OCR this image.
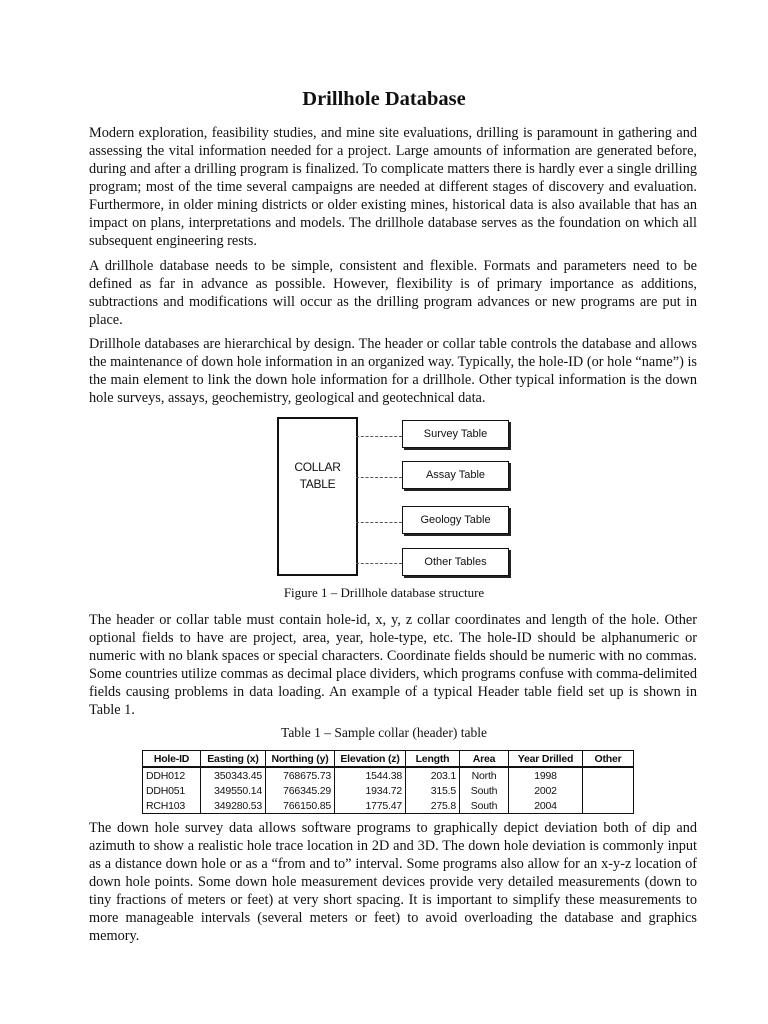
Drillhole Database

Modern exploration, feasibility studies, and mine site evaluations, drilling is paramount in gathering and assessing the vital information needed for a project. Large amounts of information are generated before, during and after a drilling program is finalized. To complicate matters there is hardly ever a single drilling program; most of the time several campaigns are needed at different stages of discovery and evaluation. Furthermore, in older mining districts or older existing mines, historical data is also available that has an impact on plans, interpretations and models. The drillhole database serves as the foundation on which all subsequent engineering rests.

A drillhole database needs to be simple, consistent and flexible. Formats and parameters need to be defined as far in advance as possible. However, flexibility is of primary importance as additions, subtractions and modifications will occur as the drilling program advances or new programs are put in place.

Drillhole databases are hierarchical by design. The header or collar table controls the database and allows the maintenance of down hole information in an organized way. Typically, the hole-ID (or hole “name”) is the main element to link the down hole information for a drillhole. Other typical information is the down hole surveys, assays, geochemistry, geological and geotechnical data.

COLLAR
TABLE
Survey Table
Assay Table
Geology Table
Other Tables

Figure 1 – Drillhole database structure

The header or collar table must contain hole-id, x, y, z collar coordinates and length of the hole. Other optional fields to have are project, area, year, hole-type, etc. The hole-ID should be alphanumeric or numeric with no blank spaces or special characters. Coordinate fields should be numeric with no commas. Some countries utilize commas as decimal place dividers, which programs confuse with comma-delimited fields causing problems in data loading. An example of a typical Header table field set up is shown in Table 1.

Table 1 – Sample collar (header) table

Hole-ID	Easting (x)	Northing (y)	Elevation (z)	Length	Area	Year Drilled	Other
DDH012	350343.45	768675.73	1544.38	203.1	North	1998	
DDH051	349550.14	766345.29	1934.72	315.5	South	2002	
RCH103	349280.53	766150.85	1775.47	275.8	South	2004	

The down hole survey data allows software programs to graphically depict deviation both of dip and azimuth to show a realistic hole trace location in 2D and 3D. The down hole deviation is commonly input as a distance down hole or as a “from and to” interval. Some programs also allow for an x-y-z location of down hole points. Some down hole measurement devices provide very detailed measurements (down to tiny fractions of meters or feet) at very short spacing. It is important to simplify these measurements to more manageable intervals (several meters or feet) to avoid overloading the database and graphics memory.
